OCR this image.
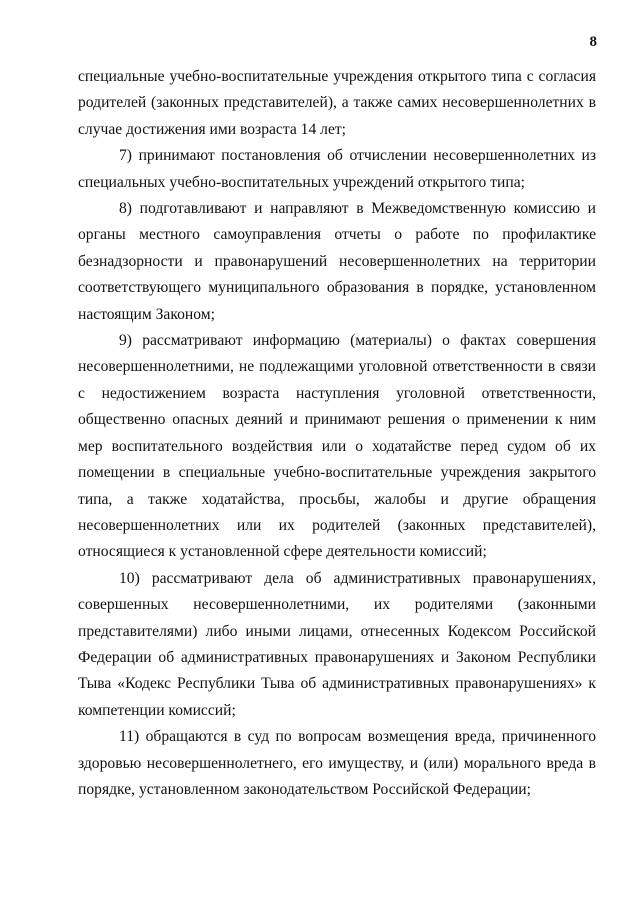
8

специальные учебно-воспитательные учреждения открытого типа с согласия родителей (законных представителей), а также самих несовершеннолетних в случае достижения ими возраста 14 лет;

7) принимают постановления об отчислении несовершеннолетних из специальных учебно-воспитательных учреждений открытого типа;

8) подготавливают и направляют в Межведомственную комиссию и органы местного самоуправления отчеты о работе по профилактике безнадзорности и правонарушений несовершеннолетних на территории соответствующего муниципального образования в порядке, установленном настоящим Законом;

9) рассматривают информацию (материалы) о фактах совершения несовершеннолетними, не подлежащими уголовной ответственности в связи с недостижением возраста наступления уголовной ответственности, общественно опасных деяний и принимают решения о применении к ним мер воспитательного воздействия или о ходатайстве перед судом об их помещении в специальные учебно-воспитательные учреждения закрытого типа, а также ходатайства, просьбы, жалобы и другие обращения несовершеннолетних или их родителей (законных представителей), относящиеся к установленной сфере деятельности комиссий;

10) рассматривают дела об административных правонарушениях, совершенных несовершеннолетними, их родителями (законными представителями) либо иными лицами, отнесенных Кодексом Российской Федерации об административных правонарушениях и Законом Республики Тыва «Кодекс Республики Тыва об административных правонарушениях» к компетенции комиссий;

11) обращаются в суд по вопросам возмещения вреда, причиненного здоровью несовершеннолетнего, его имуществу, и (или) морального вреда в порядке, установленном законодательством Российской Федерации;
